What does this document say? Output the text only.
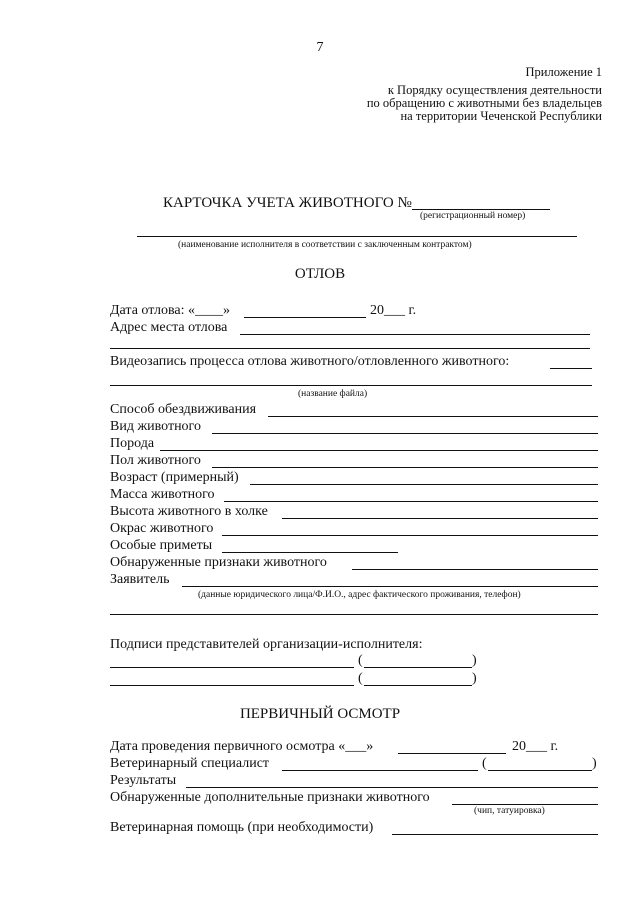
7
Приложение 1
к Порядку осуществления деятельности
по обращению с животными без владельцев
на территории Чеченской Республики
КАРТОЧКА УЧЕТА ЖИВОТНОГО №
(регистрационный номер)
(наименование исполнителя в соответствии с заключенным контрактом)
ОТЛОВ
Дата отлова: «____»	20___ г.
Адрес места отлова
Видеозапись процесса отлова животного/отловленного животного:
(название файла)
Способ обездвиживания
Вид животного
Порода
Пол животного
Возраст (примерный)
Масса животного
Высота животного в холке
Окрас животного
Особые приметы
Обнаруженные признаки животного
Заявитель
(данные юридического лица/Ф.И.О., адрес фактического проживания, телефон)
Подписи представителей организации-исполнителя:
(	)
(	)
ПЕРВИЧНЫЙ ОСМОТР
Дата проведения первичного осмотра «___»	20___ г.
Ветеринарный специалист	(	)
Результаты
Обнаруженные дополнительные признаки животного
(чип, татуировка)
Ветеринарная помощь (при необходимости)
